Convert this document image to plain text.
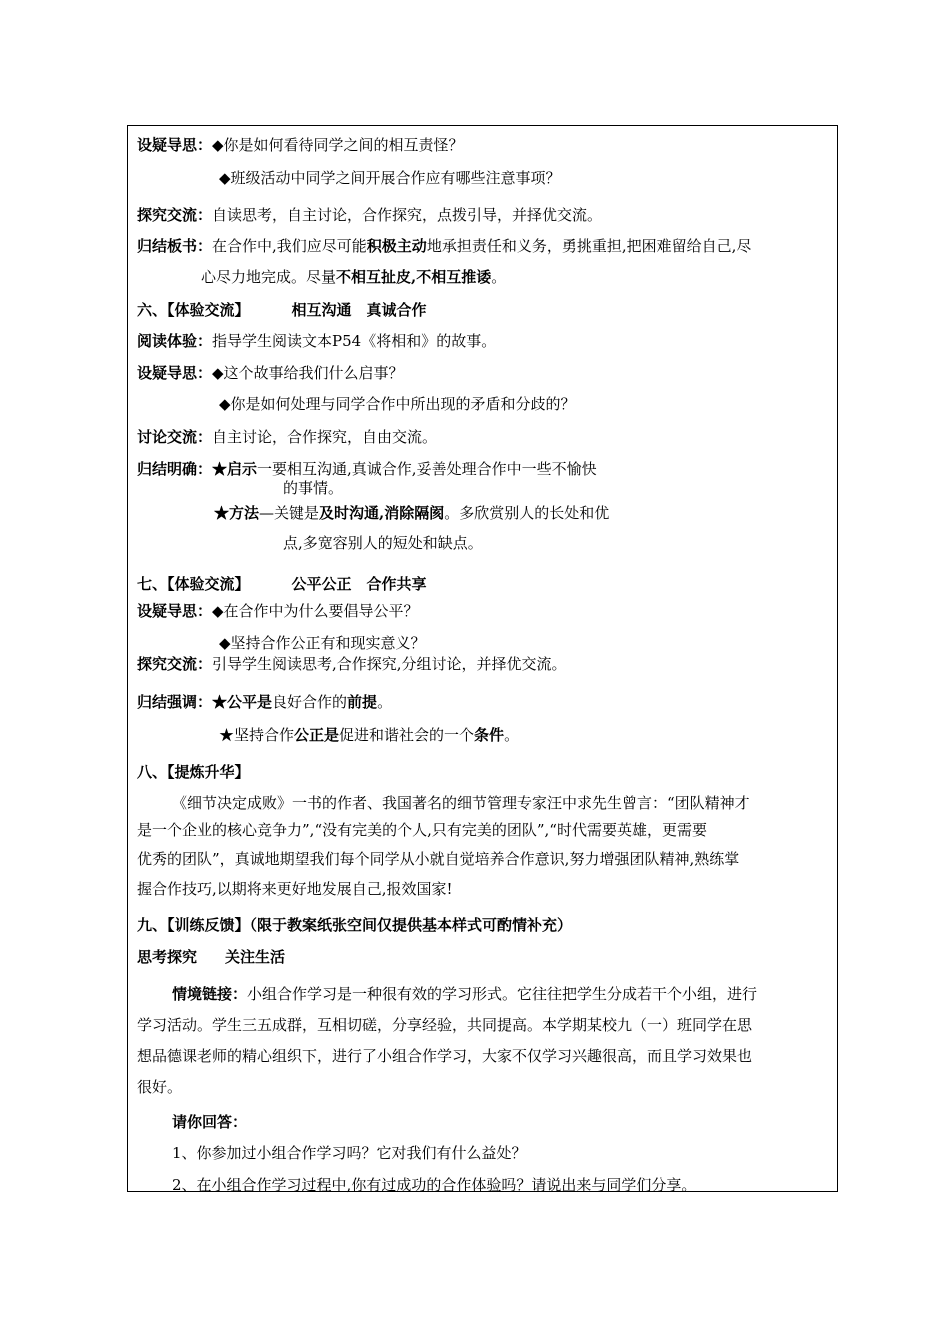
设疑导思：◆你是如何看待同学之间的相互责怪？
◆班级活动中同学之间开展合作应有哪些注意事项？
探究交流：自读思考，自主讨论，合作探究，点拨引导，并择优交流。
归结板书：在合作中,我们应尽可能积极主动地承担责任和义务，勇挑重担,把困难留给自己,尽
心尽力地完成。尽量不相互扯皮,不相互推诿。
六、【体验交流】	相互沟通　真诚合作
阅读体验：指导学生阅读文本P54《将相和》的故事。
设疑导思：◆这个故事给我们什么启事？
◆你是如何处理与同学合作中所出现的矛盾和分歧的？
讨论交流：自主讨论，合作探究，自由交流。
归结明确：★启示一要相互沟通,真诚合作,妥善处理合作中一些不愉快
的事情。
★方法—关键是及时沟通,消除隔阂。多欣赏别人的长处和优
点,多宽容别人的短处和缺点。
七、【体验交流】	公平公正　合作共享
设疑导思：◆在合作中为什么要倡导公平？
◆坚持合作公正有和现实意义？
探究交流：引导学生阅读思考,合作探究,分组讨论，并择优交流。
归结强调：★公平是良好合作的前提。
★坚持合作公正是促进和谐社会的一个条件。
八、【提炼升华】
《细节决定成败》一书的作者、我国著名的细节管理专家汪中求先生曾言：“团队精神才
是一个企业的核心竞争力”,“没有完美的个人,只有完美的团队”,“时代需要英雄，更需要
优秀的团队”，真诚地期望我们每个同学从小就自觉培养合作意识,努力增强团队精神,熟练掌
握合作技巧,以期将来更好地发展自己,报效国家!
九、【训练反馈】（限于教案纸张空间仅提供基本样式可酌情补充）
思考探究 关注生活
情境链接：小组合作学习是一种很有效的学习形式。它往往把学生分成若干个小组，进行
学习活动。学生三五成群，互相切磋，分享经验，共同提高。本学期某校九（一）班同学在思
想品德课老师的精心组织下，进行了小组合作学习，大家不仅学习兴趣很高，而且学习效果也
很好。
请你回答：
1、你参加过小组合作学习吗？它对我们有什么益处？
2、在小组合作学习过程中,你有过成功的合作体验吗？请说出来与同学们分享。
